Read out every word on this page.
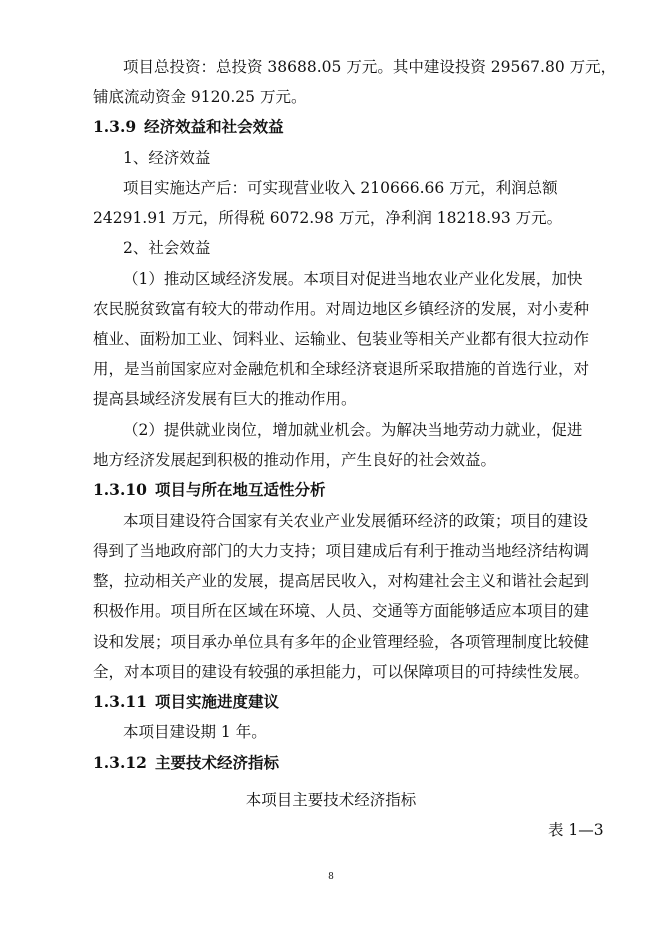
项目总投资：总投资 38688.05 万元。其中建设投资 29567.80 万元，
铺底流动资金 9120.25 万元。
1.3.9 经济效益和社会效益
1、经济效益
项目实施达产后：可实现营业收入 210666.66 万元，利润总额
24291.91 万元，所得税 6072.98 万元，净利润 18218.93 万元。
2、社会效益
（1）推动区域经济发展。本项目对促进当地农业产业化发展，加快
农民脱贫致富有较大的带动作用。对周边地区乡镇经济的发展，对小麦种
植业、面粉加工业、饲料业、运输业、包装业等相关产业都有很大拉动作
用，是当前国家应对金融危机和全球经济衰退所采取措施的首选行业，对
提高县域经济发展有巨大的推动作用。
（2）提供就业岗位，增加就业机会。为解决当地劳动力就业，促进
地方经济发展起到积极的推动作用，产生良好的社会效益。
1.3.10 项目与所在地互适性分析
本项目建设符合国家有关农业产业发展循环经济的政策；项目的建设
得到了当地政府部门的大力支持；项目建成后有利于推动当地经济结构调
整，拉动相关产业的发展，提高居民收入，对构建社会主义和谐社会起到
积极作用。项目所在区域在环境、人员、交通等方面能够适应本项目的建
设和发展；项目承办单位具有多年的企业管理经验，各项管理制度比较健
全，对本项目的建设有较强的承担能力，可以保障项目的可持续性发展。
1.3.11 项目实施进度建议
本项目建设期 1 年。
1.3.12 主要技术经济指标
本项目主要技术经济指标
表 1—3
8
